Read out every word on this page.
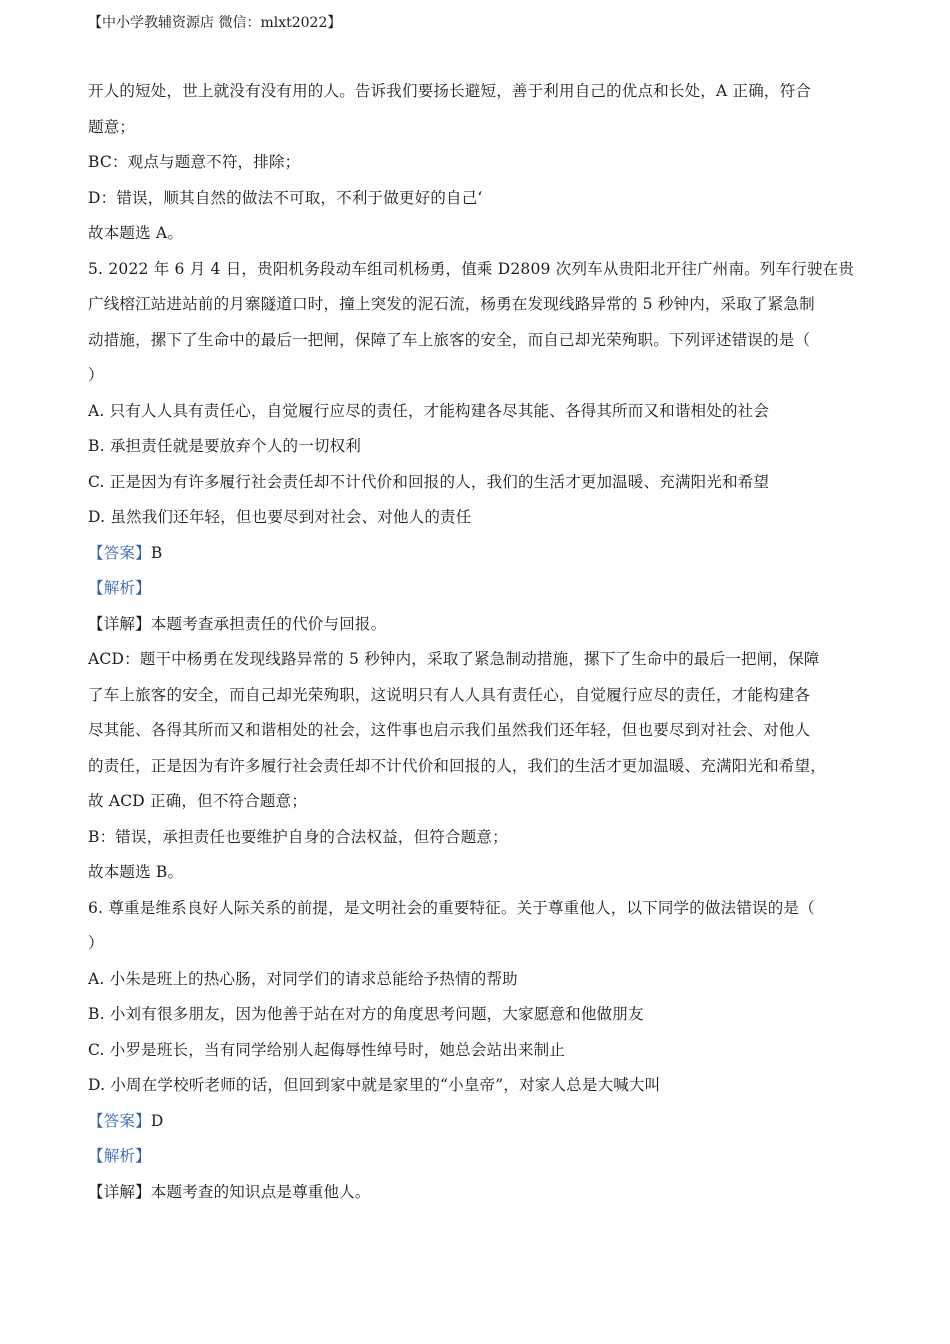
【中小学教辅资源店 微信：mlxt2022】
开人的短处，世上就没有没有用的人。告诉我们要扬长避短，善于利用自己的优点和长处，A 正确，符合
题意；
BC：观点与题意不符，排除；
D：错误，顺其自然的做法不可取，不利于做更好的自己‘
故本题选 A。
5. 2022 年 6 月 4 日，贵阳机务段动车组司机杨勇，值乘 D2809 次列车从贵阳北开往广州南。列车行驶在贵
广线榕江站进站前的月寨隧道口时，撞上突发的泥石流，杨勇在发现线路异常的 5 秒钟内，采取了紧急制
动措施，摞下了生命中的最后一把闸，保障了车上旅客的安全，而自己却光荣殉职。下列评述错误的是（
）
A. 只有人人具有责任心，自觉履行应尽的责任，才能构建各尽其能、各得其所而又和谐相处的社会
B. 承担责任就是要放弃个人的一切权利
C. 正是因为有许多履行社会责任却不计代价和回报的人，我们的生活才更加温暖、充满阳光和希望
D. 虽然我们还年轻，但也要尽到对社会、对他人的责任
【答案】B
【解析】
【详解】本题考查承担责任的代价与回报。
ACD：题干中杨勇在发现线路异常的 5 秒钟内，采取了紧急制动措施，摞下了生命中的最后一把闸，保障
了车上旅客的安全，而自己却光荣殉职，这说明只有人人具有责任心，自觉履行应尽的责任，才能构建各
尽其能、各得其所而又和谐相处的社会，这件事也启示我们虽然我们还年轻，但也要尽到对社会、对他人
的责任，正是因为有许多履行社会责任却不计代价和回报的人，我们的生活才更加温暖、充满阳光和希望，
故 ACD 正确，但不符合题意；
B：错误，承担责任也要维护自身的合法权益，但符合题意；
故本题选 B。
6. 尊重是维系良好人际关系的前提，是文明社会的重要特征。关于尊重他人，以下同学的做法错误的是（
）
A. 小朱是班上的热心肠，对同学们的请求总能给予热情的帮助
B. 小刘有很多朋友，因为他善于站在对方的角度思考问题，大家愿意和他做朋友
C. 小罗是班长，当有同学给别人起侮辱性绰号时，她总会站出来制止
D. 小周在学校听老师的话，但回到家中就是家里的“小皇帝”，对家人总是大喊大叫
【答案】D
【解析】
【详解】本题考查的知识点是尊重他人。
